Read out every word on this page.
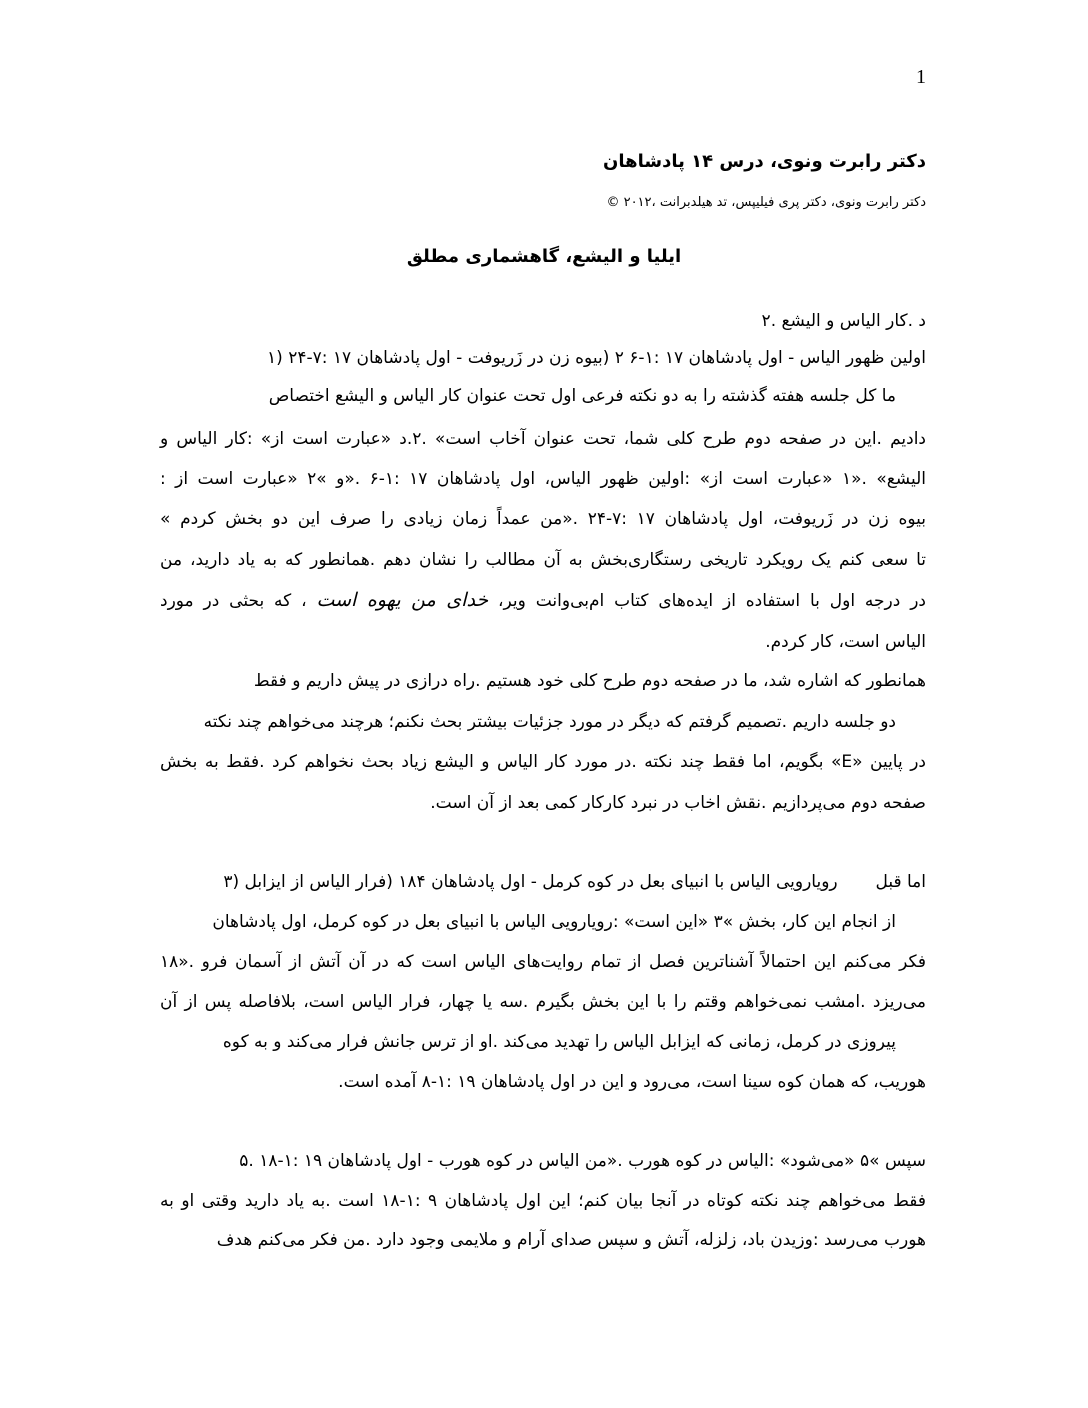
1
دکتر رابرت ونوی، درس ۱۴ پادشاهان
دکتر رابرت ونوی، دکتر پری فیلیپس، تد هیلدبرانت ،۲۰۱۲ ©
ایلیا و الیشع، گاهشماری مطلق
د .کار الیاس و الیشع .۲
اولین ظهور الیاس - اول پادشاهان ۱۷ :۱-۶ ۲ (بیوه زن در زَریوفت - اول پادشاهان ۱۷ :۷-۲۴ (۱
ما کل جلسه هفته گذشته را به دو نکته فرعی اول تحت عنوان کار الیاس و الیشع اختصاص
دادیم .این در صفحه دوم طرح کلی شما، تحت عنوان آخاب است» .۲.د «عبارت است از» :کار الیاس و
الیشع» .«۱ «عبارت است از» :اولین ظهور الیاس، اول پادشاهان ۱۷ :۱-۶ .«و »۲ «عبارت است از :
بیوه زن در زَریوفت، اول پادشاهان ۱۷ :۷-۲۴ .«من عمداً زمان زیادی را صرف این دو بخش کردم »
تا سعی کنم یک رویکرد تاریخی رستگاری‌بخش به آن مطالب را نشان دهم .همانطور که به یاد دارید، من
در درجه اول با استفاده از ایده‌های کتاب ام‌بی‌وانت ویر، خدای من یهوه است ، که بحثی در مورد
الیاس است، کار کردم.
همانطور که اشاره شد، ما در صفحه دوم طرح کلی خود هستیم .راه درازی در پیش داریم و فقط
دو جلسه داریم .تصمیم گرفتم که دیگر در مورد جزئیات بیشتر بحث نکنم؛ هرچند می‌خواهم چند نکته
در پایین «E» بگویم، اما فقط چند نکته .در مورد کار الیاس و الیشع زیاد بحث نخواهم کرد .فقط به بخش
صفحه دوم می‌پردازیم .نقش اخاب در نبرد کارکار کمی بعد از آن است.
اما قبل       رویارویی الیاس با انبیای بعل در کوه کرمل - اول پادشاهان ۱۸۴ (فرار الیاس از ایزابل (۳
از انجام این کار، بخش »۳ «این است» :رویارویی الیاس با انبیای بعل در کوه کرمل، اول پادشاهان
فکر می‌کنم این احتمالاً آشناترین فصل از تمام روایت‌های الیاس است که در آن آتش از آسمان فرو .«۱۸
می‌ریزد .امشب نمی‌خواهم وقتم را با این بخش بگیرم .سه یا چهار، فرار الیاس است، بلافاصله پس از آن
پیروزی در کرمل، زمانی که ایزابل الیاس را تهدید می‌کند .او از ترس جانش فرار می‌کند و به کوه
هوریب، که همان کوه سینا است، می‌رود و این در اول پادشاهان ۱۹ :۱-۸ آمده است.
سپس »۵ «می‌شود» :الیاس در کوه هورب .«من الیاس در کوه هورب - اول پادشاهان ۱۹ :۱-۱۸ .۵
فقط می‌خواهم چند نکته کوتاه در آنجا بیان کنم؛ این اول پادشاهان ۹ :۱-۱۸ است .به یاد دارید وقتی او به
هورب می‌رسد :وزیدن باد، زلزله، آتش و سپس صدای آرام و ملایمی وجود دارد .من فکر می‌کنم هدف
